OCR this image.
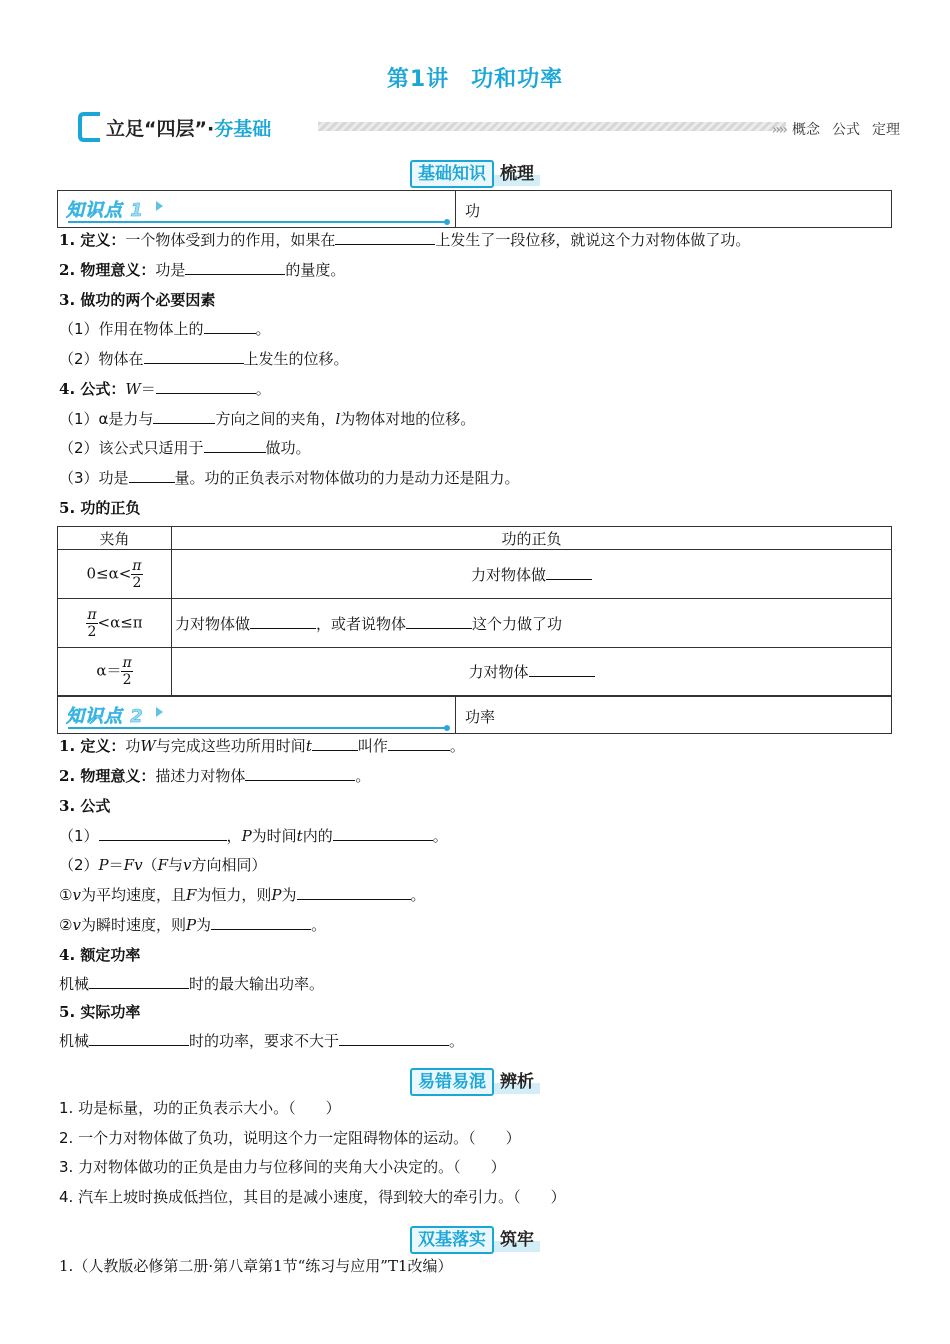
第1讲 功和功率
立足“四层”·夯基础	›››› 概念 公式 定理
基础知识 梳理
知识点 1	功
1. 定义：一个物体受到力的作用，如果在	上发生了一段位移，就说这个力对物体做了功。
2. 物理意义：功是	的量度。
3. 做功的两个必要因素
（1）作用在物体上的	。
（2）物体在	上发生的位移。
4. 公式：W＝	。
（1）α是力与	方向之间的夹角，l为物体对地的位移。
（2）该公式只适用于	做功。
（3）功是	量。功的正负表示对物体做功的力是动力还是阻力。
5. 功的正负
夹角	功的正负
$0\le\alpha< \frac{\pi}{2}$	力对物体做

$\frac{\pi}{2} <\alpha\le\pi$	力对物体做 ，或者说物体 这个力做了功
$\alpha= \frac{\pi}{2}$	力对物体
知识点 2	功率
1. 定义：功W与完成这些功所用时间t	叫作	。
2. 物理意义：描述力对物体	。
3. 公式
（1）	，P为时间t内的	。
（2）P＝Fv（F与v方向相同）
①v为平均速度，且F为恒力，则P为	。
②v为瞬时速度，则P为	。
4. 额定功率
机械	时的最大输出功率。
5. 实际功率
机械	时的功率，要求不大于	。
易错易混 辨析
1. 功是标量，功的正负表示大小。（　　）
2. 一个力对物体做了负功，说明这个力一定阻碍物体的运动。（　　）
3. 力对物体做功的正负是由力与位移间的夹角大小决定的。（　　）
4. 汽车上坡时换成低挡位，其目的是减小速度，得到较大的牵引力。（　　）
双基落实 筑牢
1.（人教版必修第二册·第八章第1节“练习与应用”T1改编）
